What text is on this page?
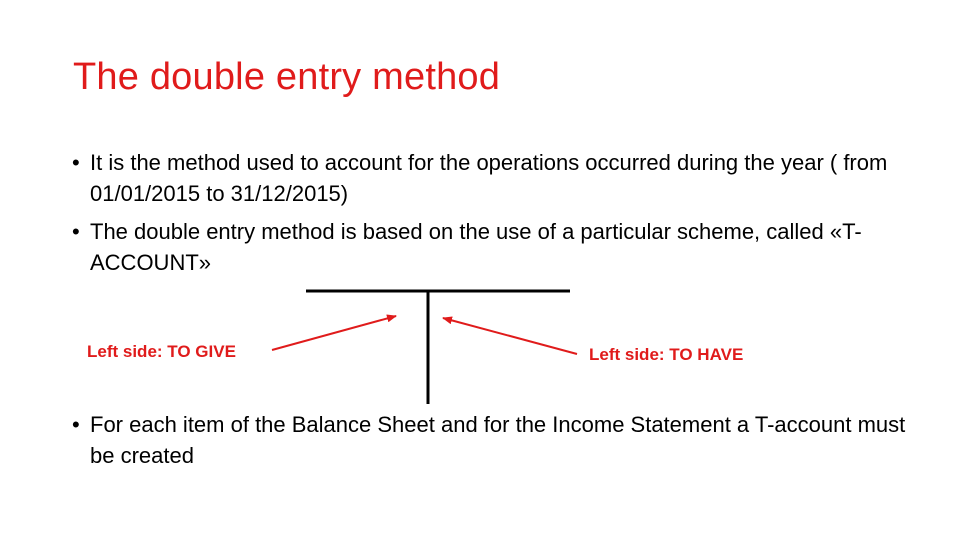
The double entry method
• It is the method used to account for the operations occurred during the year ( from 01/01/2015 to 31/12/2015)
• The double entry method is based on the use of a particular scheme, called «T-ACCOUNT»
Left side: TO GIVE	Left side: TO HAVE
• For each item of the Balance Sheet and for the Income Statement a T-account must be created
